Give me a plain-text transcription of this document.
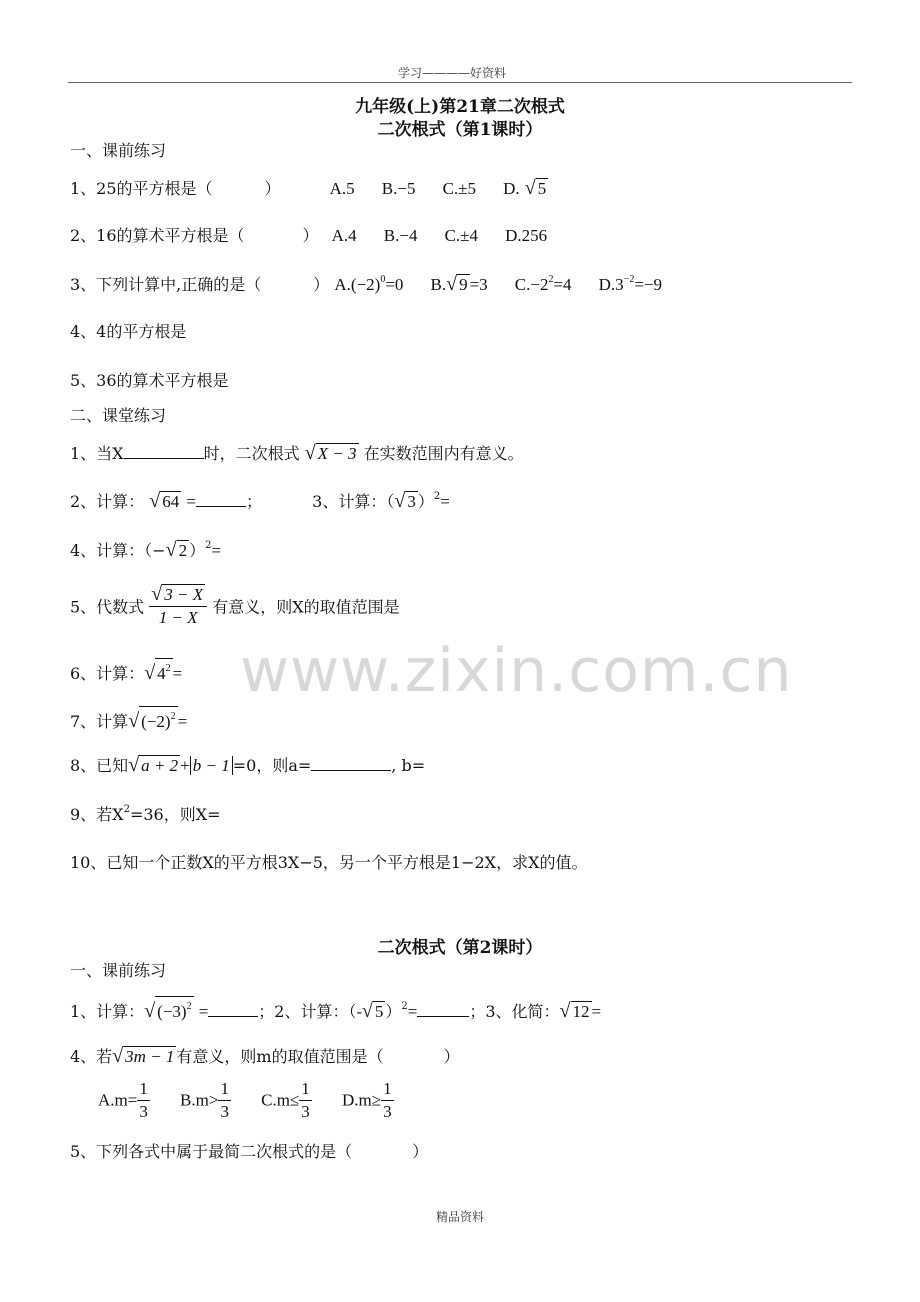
学习————好资料
www.zixin.com.cn
九年级(上)第21章二次根式
二次根式（第1课时）
一、课前练习
1、25的平方根是（	）	A.5 B.−5 C.±5 D. √ 5
2、16的算术平方根是（	） A.4 B.−4 C.±4 D.256
3、下列计算中,正确的是（	） $A.(-2)^0=0$ B.√ 9 =3 $C.-2^2=4$ $D.3^{-2}=-9$
4、4的平方根是
5、36的算术平方根是
二、课堂练习
1、当X	时，二次根式 √ X − 3 在实数范围内有意义。
2、计算： √ 64 =	；	3、计算：（√ 3 ）$^2$=
4、计算：（−√ 2 ）$^2$=
5、代数式 $\frac{√ 3 - X}{1 - X}$ 有意义，则X的取值范围是
6、计算：√ $4^2$ =
7、计算√ $(-2)^2$ =
8、已知√ a + 2 + b − 1 =0，则a=	, b=
9、若$X^2=36$，则X=
10、已知一个正数X的平方根3X−5，另一个平方根是1−2X，求X的值。
二次根式（第2课时）
一、课前练习
1、计算：√ $(-3)^2$ =	；2、计算：（-√ 5 ）$^2$=	；3、化简：√ 12 =
4、若√ 3m − 1 有意义，则m的取值范围是（	）
$A.m= \frac{1}{3} B.m> \frac{1}{3} C.m\le \frac{1}{3} D.m\ge \frac{1}{3}$
5、下列各式中属于最简二次根式的是（	）
精品资料
